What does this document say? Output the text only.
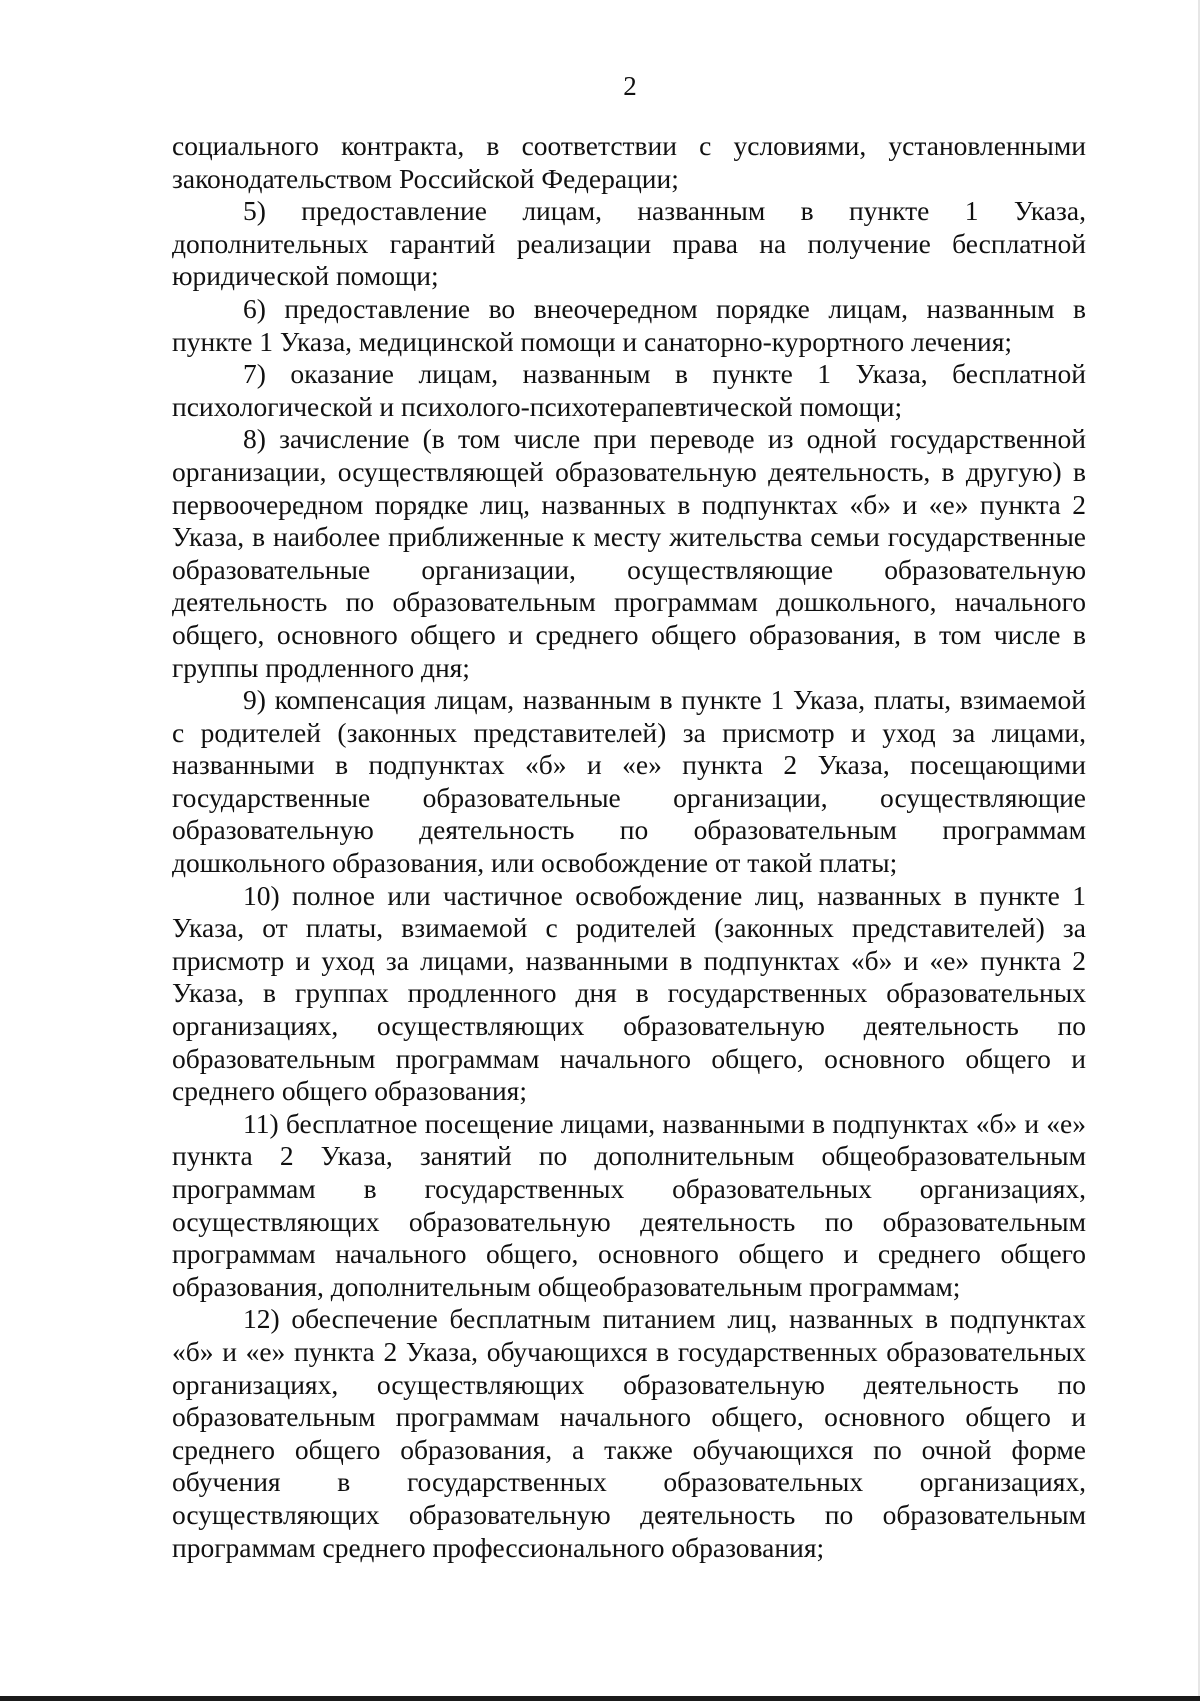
2

социального контракта, в соответствии с условиями, установленными законодательством Российской Федерации;

5) предоставление лицам, названным в пункте 1 Указа, дополнительных гарантий реализации права на получение бесплатной юридической помощи;

6) предоставление во внеочередном порядке лицам, названным в пункте 1 Указа, медицинской помощи и санаторно-курортного лечения;

7) оказание лицам, названным в пункте 1 Указа, бесплатной психологической и психолого-психотерапевтической помощи;

8) зачисление (в том числе при переводе из одной государственной организации, осуществляющей образовательную деятельность, в другую) в первоочередном порядке лиц, названных в подпунктах «б» и «е» пункта 2 Указа, в наиболее приближенные к месту жительства семьи государственные образовательные организации, осуществляющие образовательную деятельность по образовательным программам дошкольного, начального общего, основного общего и среднего общего образования, в том числе в группы продленного дня;

9) компенсация лицам, названным в пункте 1 Указа, платы, взимаемой с родителей (законных представителей) за присмотр и уход за лицами, названными в подпунктах «б» и «е» пункта 2 Указа, посещающими государственные образовательные организации, осуществляющие образовательную деятельность по образовательным программам дошкольного образования, или освобождение от такой платы;

10) полное или частичное освобождение лиц, названных в пункте 1 Указа, от платы, взимаемой с родителей (законных представителей) за присмотр и уход за лицами, названными в подпунктах «б» и «е» пункта 2 Указа, в группах продленного дня в государственных образовательных организациях, осуществляющих образовательную деятельность по образовательным программам начального общего, основного общего и среднего общего образования;

11) бесплатное посещение лицами, названными в подпунктах «б» и «е» пункта 2 Указа, занятий по дополнительным общеобразовательным программам в государственных образовательных организациях, осуществляющих образовательную деятельность по образовательным программам начального общего, основного общего и среднего общего образования, дополнительным общеобразовательным программам;

12) обеспечение бесплатным питанием лиц, названных в подпунктах «б» и «е» пункта 2 Указа, обучающихся в государственных образовательных организациях, осуществляющих образовательную деятельность по образовательным программам начального общего, основного общего и среднего общего образования, а также обучающихся по очной форме обучения в государственных образовательных организациях, осуществляющих образовательную деятельность по образовательным программам среднего профессионального образования;
